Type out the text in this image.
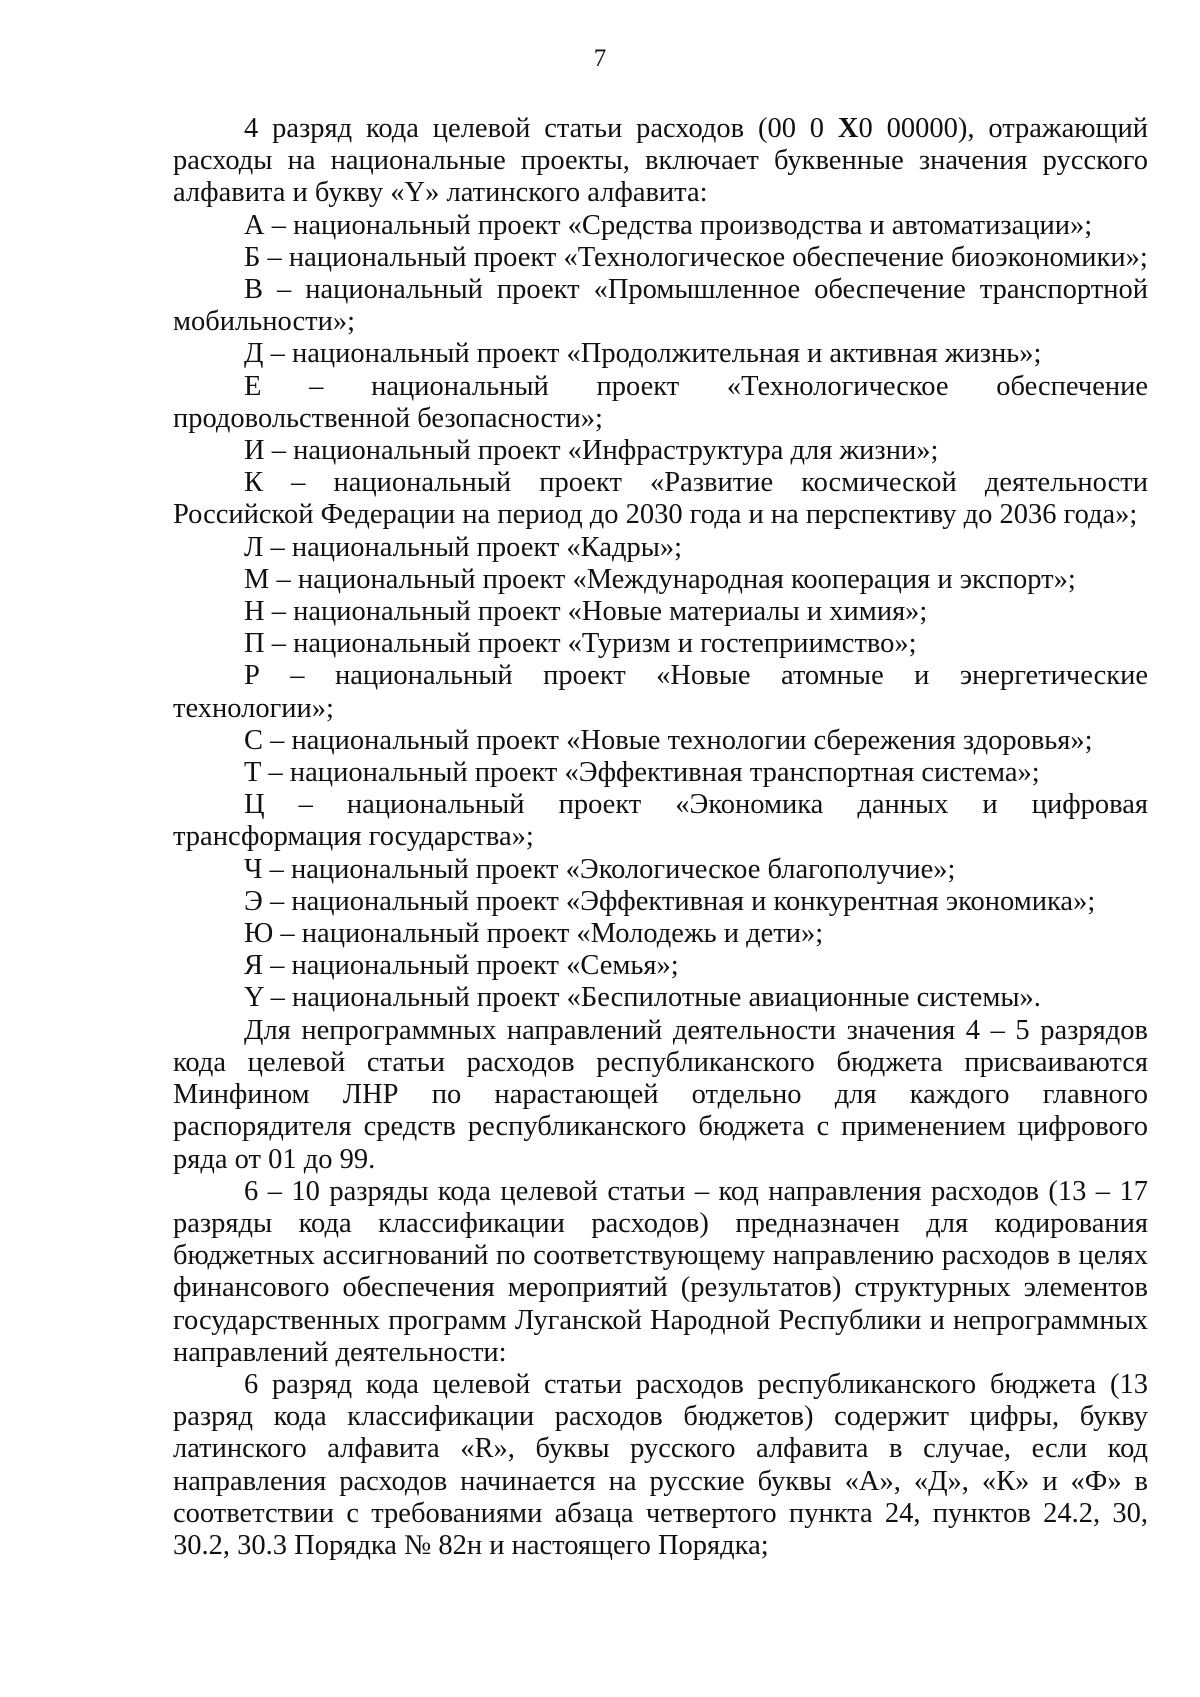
7

4 разряд кода целевой статьи расходов (00 0 X0 00000), отражающий расходы на национальные проекты, включает буквенные значения русского алфавита и букву «Y» латинского алфавита:

А – национальный проект «Средства производства и автоматизации»;

Б – национальный проект «Технологическое обеспечение биоэкономики»;

В – национальный проект «Промышленное обеспечение транспортной мобильности»;

Д – национальный проект «Продолжительная и активная жизнь»;

Е – национальный проект «Технологическое обеспечение продовольственной безопасности»;

И – национальный проект «Инфраструктура для жизни»;

К – национальный проект «Развитие космической деятельности Российской Федерации на период до 2030 года и на перспективу до 2036 года»;

Л – национальный проект «Кадры»;

М – национальный проект «Международная кооперация и экспорт»;

Н – национальный проект «Новые материалы и химия»;

П – национальный проект «Туризм и гостеприимство»;

Р – национальный проект «Новые атомные и энергетические технологии»;

С – национальный проект «Новые технологии сбережения здоровья»;

Т – национальный проект «Эффективная транспортная система»;

Ц – национальный проект «Экономика данных и цифровая трансформация государства»;

Ч – национальный проект «Экологическое благополучие»;

Э – национальный проект «Эффективная и конкурентная экономика»;

Ю – национальный проект «Молодежь и дети»;

Я – национальный проект «Семья»;

Y – национальный проект «Беспилотные авиационные системы».

Для непрограммных направлений деятельности значения 4 – 5 разрядов кода целевой статьи расходов республиканского бюджета присваиваются Минфином ЛНР по нарастающей отдельно для каждого главного распорядителя средств республиканского бюджета с применением цифрового ряда от 01 до 99.

6 – 10 разряды кода целевой статьи – код направления расходов (13 – 17 разряды кода классификации расходов) предназначен для кодирования бюджетных ассигнований по соответствующему направлению расходов в целях финансового обеспечения мероприятий (результатов) структурных элементов государственных программ Луганской Народной Республики и непрограммных направлений деятельности:

6 разряд кода целевой статьи расходов республиканского бюджета (13 разряд кода классификации расходов бюджетов) содержит цифры, букву латинского алфавита «R», буквы русского алфавита в случае, если код направления расходов начинается на русские буквы «А», «Д», «К» и «Ф» в соответствии с требованиями абзаца четвертого пункта 24, пунктов 24.2, 30, 30.2, 30.3 Порядка № 82н и настоящего Порядка;
